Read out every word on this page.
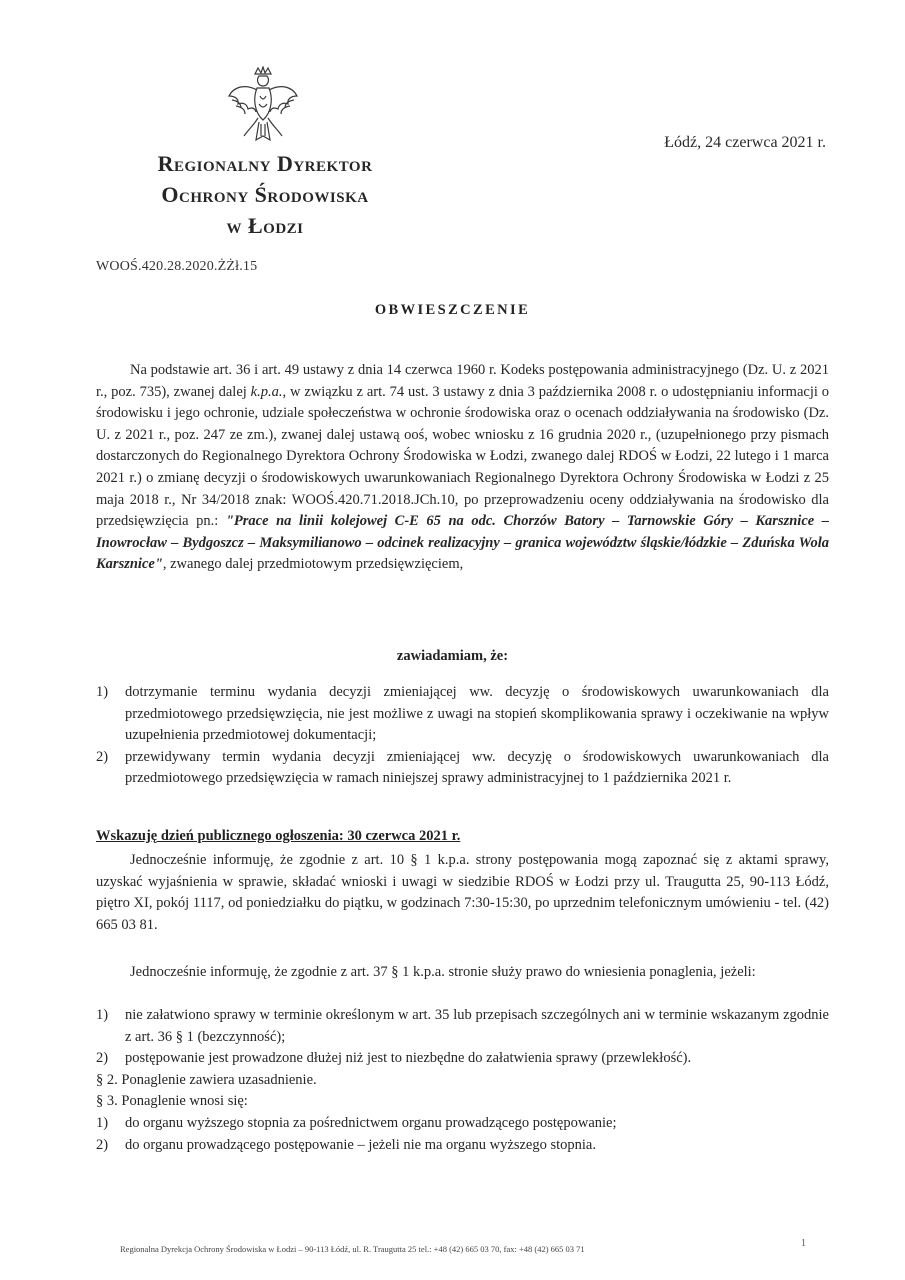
Regionalny Dyrektor
Ochrony Środowiska
w Łodzi
Łódź, 24 czerwca 2021 r.
WOOŚ.420.28.2020.ŻŻł.15
OBWIESZCZENIE
Na podstawie art. 36 i art. 49 ustawy z dnia 14 czerwca 1960 r. Kodeks postępowania administracyjnego (Dz. U. z 2021 r., poz. 735), zwanej dalej k.p.a., w związku z art. 74 ust. 3 ustawy z dnia 3 października 2008 r. o udostępnianiu informacji o środowisku i jego ochronie, udziale społeczeństwa w ochronie środowiska oraz o ocenach oddziaływania na środowisko (Dz. U. z 2021 r., poz. 247 ze zm.), zwanej dalej ustawą ooś, wobec wniosku z 16 grudnia 2020 r., (uzupełnionego przy pismach dostarczonych do Regionalnego Dyrektora Ochrony Środowiska w Łodzi, zwanego dalej RDOŚ w Łodzi, 22 lutego i 1 marca 2021 r.) o zmianę decyzji o środowiskowych uwarunkowaniach Regionalnego Dyrektora Ochrony Środowiska w Łodzi z 25 maja 2018 r., Nr 34/2018 znak: WOOŚ.420.71.2018.JCh.10, po przeprowadzeniu oceny oddziaływania na środowisko dla przedsięwzięcia pn.: "Prace na linii kolejowej C-E 65 na odc. Chorzów Batory – Tarnowskie Góry – Karsznice – Inowrocław – Bydgoszcz – Maksymilianowo – odcinek realizacyjny – granica województw śląskie/łódzkie – Zduńska Wola Karsznice", zwanego dalej przedmiotowym przedsięwzięciem,
zawiadamiam, że:
1) dotrzymanie terminu wydania decyzji zmieniającej ww. decyzję o środowiskowych uwarunkowaniach dla przedmiotowego przedsięwzięcia, nie jest możliwe z uwagi na stopień skomplikowania sprawy i oczekiwanie na wpływ uzupełnienia przedmiotowej dokumentacji;
2) przewidywany termin wydania decyzji zmieniającej ww. decyzję o środowiskowych uwarunkowaniach dla przedmiotowego przedsięwzięcia w ramach niniejszej sprawy administracyjnej to 1 października 2021 r.
Wskazuję dzień publicznego ogłoszenia: 30 czerwca 2021 r.
Jednocześnie informuję, że zgodnie z art. 10 § 1 k.p.a. strony postępowania mogą zapoznać się z aktami sprawy, uzyskać wyjaśnienia w sprawie, składać wnioski i uwagi w siedzibie RDOŚ w Łodzi przy ul. Traugutta 25, 90-113 Łódź, piętro XI, pokój 1117, od poniedziałku do piątku, w godzinach 7:30-15:30, po uprzednim telefonicznym umówieniu - tel. (42) 665 03 81.
Jednocześnie informuję, że zgodnie z art. 37 § 1 k.p.a. stronie służy prawo do wniesienia ponaglenia, jeżeli:
1) nie załatwiono sprawy w terminie określonym w art. 35 lub przepisach szczególnych ani w terminie wskazanym zgodnie z art. 36 § 1 (bezczynność);
2) postępowanie jest prowadzone dłużej niż jest to niezbędne do załatwienia sprawy (przewlekłość).
§ 2. Ponaglenie zawiera uzasadnienie.
§ 3. Ponaglenie wnosi się:
1) do organu wyższego stopnia za pośrednictwem organu prowadzącego postępowanie;
2) do organu prowadzącego postępowanie – jeżeli nie ma organu wyższego stopnia.
Regionalna Dyrekcja Ochrony Środowiska w Łodzi – 90-113 Łódź, ul. R. Traugutta 25 tel.: +48 (42) 665 03 70, fax: +48 (42) 665 03 71	1
